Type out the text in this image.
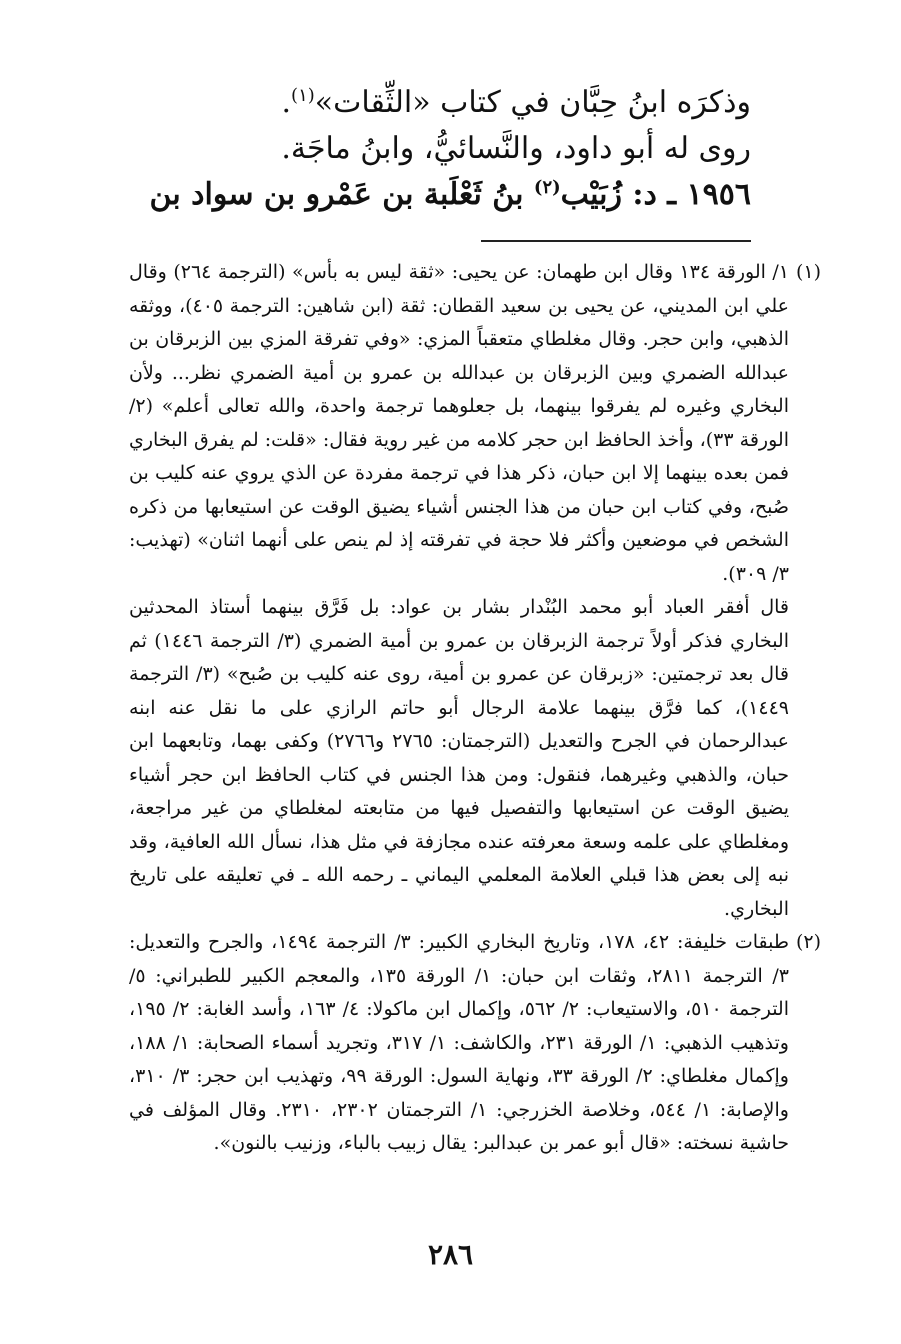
وذكرَه ابنُ حِبَّان في كتاب «الثِّقات»$^{(١)}$.

روى له أبو داود، والنَّسائيُّ، وابنُ ماجَة.

١٩٥٦ ـ د: زُبَيْب$^{(٢)}$ بنُ ثَعْلَبة بن عَمْرو بن سواد بن

(١)

١/ الورقة ١٣٤ وقال ابن طهمان: عن يحيى: «ثقة ليس به بأس» (الترجمة ٢٦٤) وقال علي ابن المديني، عن يحيى بن سعيد القطان: ثقة (ابن شاهين: الترجمة ٤٠٥)، ووثقه الذهبي، وابن حجر. وقال مغلطاي متعقباً المزي: «وفي تفرقة المزي بين الزبرقان بن عبدالله الضمري وبين الزبرقان بن عبدالله بن عمرو بن أمية الضمري نظر... ولأن البخاري وغيره لم يفرقوا بينهما، بل جعلوهما ترجمة واحدة، والله تعالى أعلم» (٢/ الورقة ٣٣)، وأخذ الحافظ ابن حجر كلامه من غير روية فقال: «قلت: لم يفرق البخاري فمن بعده بينهما إلا ابن حبان، ذكر هذا في ترجمة مفردة عن الذي يروي عنه كليب بن صُبح، وفي كتاب ابن حبان من هذا الجنس أشياء يضيق الوقت عن استيعابها من ذكره الشخص في موضعين وأكثر فلا حجة في تفرقته إذ لم ينص على أنهما اثنان» (تهذيب: ٣/ ٣٠٩).

قال أفقر العباد أبو محمد البُنْدار بشار بن عواد: بل فَرَّق بينهما أستاذ المحدثين البخاري فذكر أولاً ترجمة الزبرقان بن عمرو بن أمية الضمري (٣/ الترجمة ١٤٤٦) ثم قال بعد ترجمتين: «زبرقان عن عمرو بن أمية، روى عنه كليب بن صُبح» (٣/ الترجمة ١٤٤٩)، كما فرَّق بينهما علامة الرجال أبو حاتم الرازي على ما نقل عنه ابنه عبدالرحمان في الجرح والتعديل (الترجمتان: ٢٧٦٥ و٢٧٦٦) وكفى بهما، وتابعهما ابن حبان، والذهبي وغيرهما، فنقول: ومن هذا الجنس في كتاب الحافظ ابن حجر أشياء يضيق الوقت عن استيعابها والتفصيل فيها من متابعته لمغلطاي من غير مراجعة، ومغلطاي على علمه وسعة معرفته عنده مجازفة في مثل هذا، نسأل الله العافية، وقد نبه إلى بعض هذا قبلي العلامة المعلمي اليماني ـ رحمه الله ـ في تعليقه على تاريخ البخاري.

(٢)

طبقات خليفة: ٤٢، ١٧٨، وتاريخ البخاري الكبير: ٣/ الترجمة ١٤٩٤، والجرح والتعديل: ٣/ الترجمة ٢٨١١، وثقات ابن حبان: ١/ الورقة ١٣٥، والمعجم الكبير للطبراني: ٥/ الترجمة ٥١٠، والاستيعاب: ٢/ ٥٦٢، وإكمال ابن ماكولا: ٤/ ١٦٣، وأسد الغابة: ٢/ ١٩٥، وتذهيب الذهبي: ١/ الورقة ٢٣١، والكاشف: ١/ ٣١٧، وتجريد أسماء الصحابة: ١/ ١٨٨، وإكمال مغلطاي: ٢/ الورقة ٣٣، ونهاية السول: الورقة ٩٩، وتهذيب ابن حجر: ٣/ ٣١٠، والإصابة: ١/ ٥٤٤، وخلاصة الخزرجي: ١/ الترجمتان ٢٣٠٢، ٢٣١٠. وقال المؤلف في حاشية نسخته: «قال أبو عمر بن عبدالبر: يقال زبيب بالباء، وزنيب بالنون».

٢٨٦
